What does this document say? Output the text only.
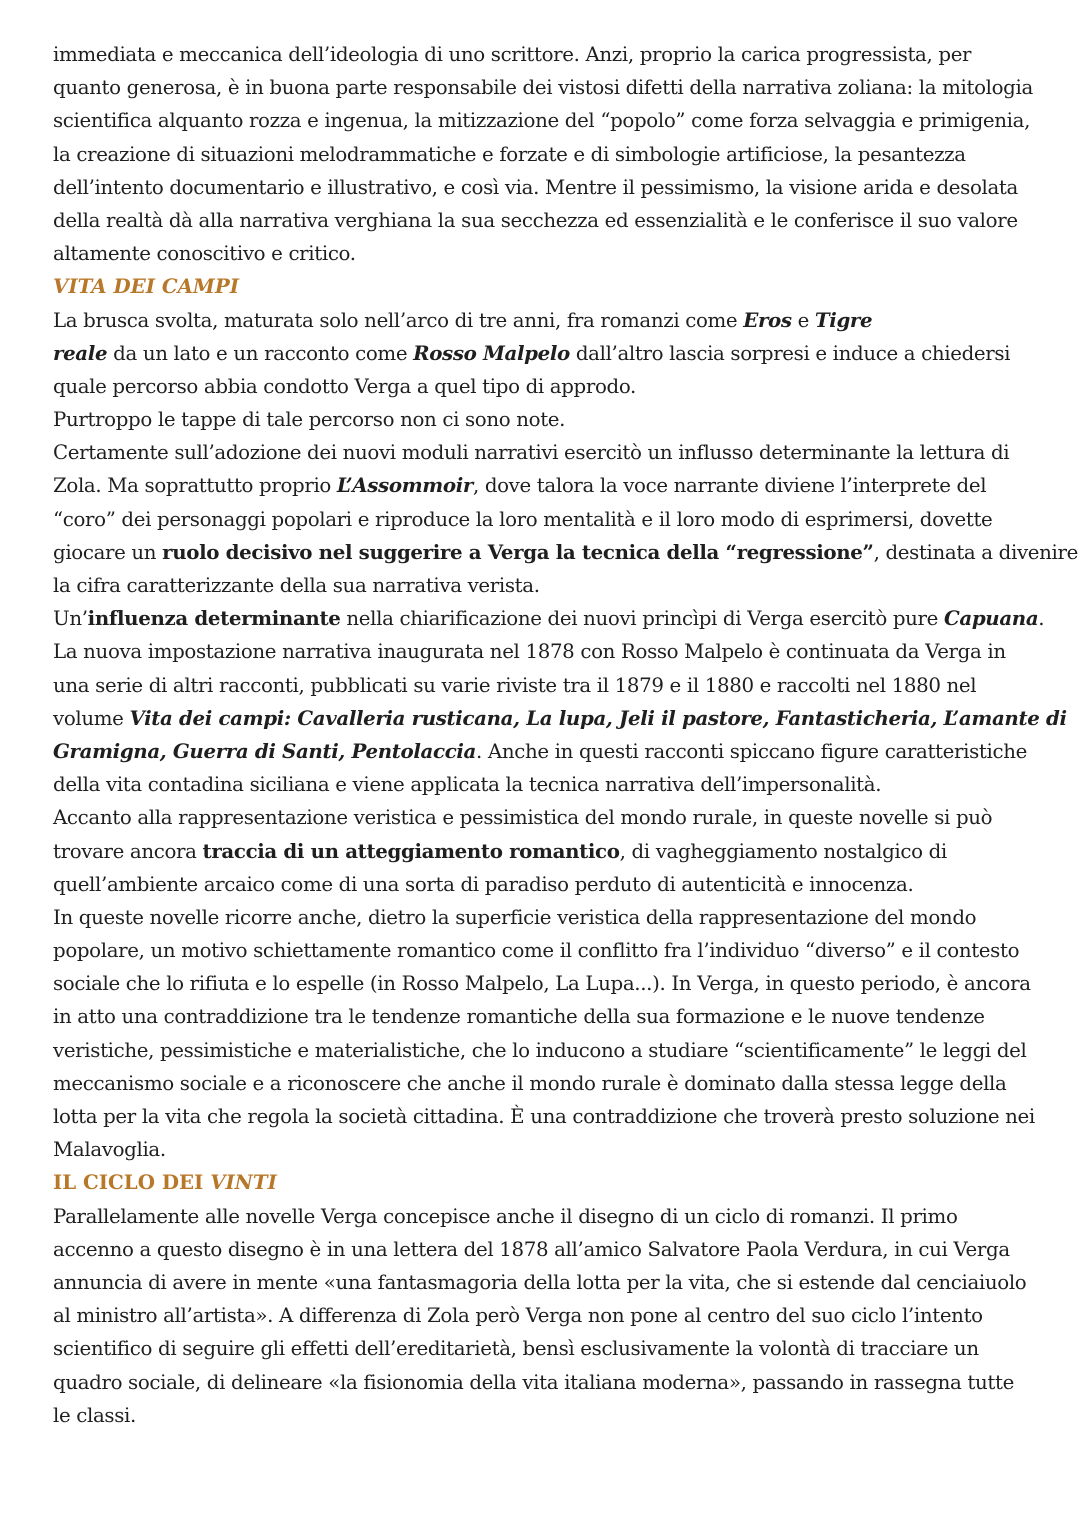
immediata e meccanica dell’ideologia di uno scrittore. Anzi, proprio la carica progressista, per
quanto generosa, è in buona parte responsabile dei vistosi difetti della narrativa zoliana: la mitologia
scientifica alquanto rozza e ingenua, la mitizzazione del “popolo” come forza selvaggia e primigenia,
la creazione di situazioni melodrammatiche e forzate e di simbologie artificiose, la pesantezza
dell’intento documentario e illustrativo, e così via. Mentre il pessimismo, la visione arida e desolata
della realtà dà alla narrativa verghiana la sua secchezza ed essenzialità e le conferisce il suo valore
altamente conoscitivo e critico.
VITA DEI CAMPI
La brusca svolta, maturata solo nell’arco di tre anni, fra romanzi come Eros e Tigre
reale da un lato e un racconto come Rosso Malpelo dall’altro lascia sorpresi e induce a chiedersi
quale percorso abbia condotto Verga a quel tipo di approdo.
Purtroppo le tappe di tale percorso non ci sono note.
Certamente sull’adozione dei nuovi moduli narrativi esercitò un influsso determinante la lettura di
Zola. Ma soprattutto proprio L’Assommoir, dove talora la voce narrante diviene l’interprete del
“coro” dei personaggi popolari e riproduce la loro mentalità e il loro modo di esprimersi, dovette
giocare un ruolo decisivo nel suggerire a Verga la tecnica della “regressione”, destinata a divenire
la cifra caratterizzante della sua narrativa verista.
Un’influenza determinante nella chiarificazione dei nuovi princìpi di Verga esercitò pure Capuana.
La nuova impostazione narrativa inaugurata nel 1878 con Rosso Malpelo è continuata da Verga in
una serie di altri racconti, pubblicati su varie riviste tra il 1879 e il 1880 e raccolti nel 1880 nel
volume Vita dei campi: Cavalleria rusticana, La lupa, Jeli il pastore, Fantasticheria, L’amante di
Gramigna, Guerra di Santi, Pentolaccia. Anche in questi racconti spiccano figure caratteristiche
della vita contadina siciliana e viene applicata la tecnica narrativa dell’impersonalità.
Accanto alla rappresentazione veristica e pessimistica del mondo rurale, in queste novelle si può
trovare ancora traccia di un atteggiamento romantico, di vagheggiamento nostalgico di
quell’ambiente arcaico come di una sorta di paradiso perduto di autenticità e innocenza.
In queste novelle ricorre anche, dietro la superficie veristica della rappresentazione del mondo
popolare, un motivo schiettamente romantico come il conflitto fra l’individuo “diverso” e il contesto
sociale che lo rifiuta e lo espelle (in Rosso Malpelo, La Lupa...). In Verga, in questo periodo, è ancora
in atto una contraddizione tra le tendenze romantiche della sua formazione e le nuove tendenze
veristiche, pessimistiche e materialistiche, che lo inducono a studiare “scientificamente” le leggi del
meccanismo sociale e a riconoscere che anche il mondo rurale è dominato dalla stessa legge della
lotta per la vita che regola la società cittadina. È una contraddizione che troverà presto soluzione nei
Malavoglia.
IL CICLO DEI VINTI
Parallelamente alle novelle Verga concepisce anche il disegno di un ciclo di romanzi. Il primo
accenno a questo disegno è in una lettera del 1878 all’amico Salvatore Paola Verdura, in cui Verga
annuncia di avere in mente «una fantasmagoria della lotta per la vita, che si estende dal cenciaiuolo
al ministro all’artista». A differenza di Zola però Verga non pone al centro del suo ciclo l’intento
scientifico di seguire gli effetti dell’ereditarietà, bensì esclusivamente la volontà di tracciare un
quadro sociale, di delineare «la fisionomia della vita italiana moderna», passando in rassegna tutte
le classi.
